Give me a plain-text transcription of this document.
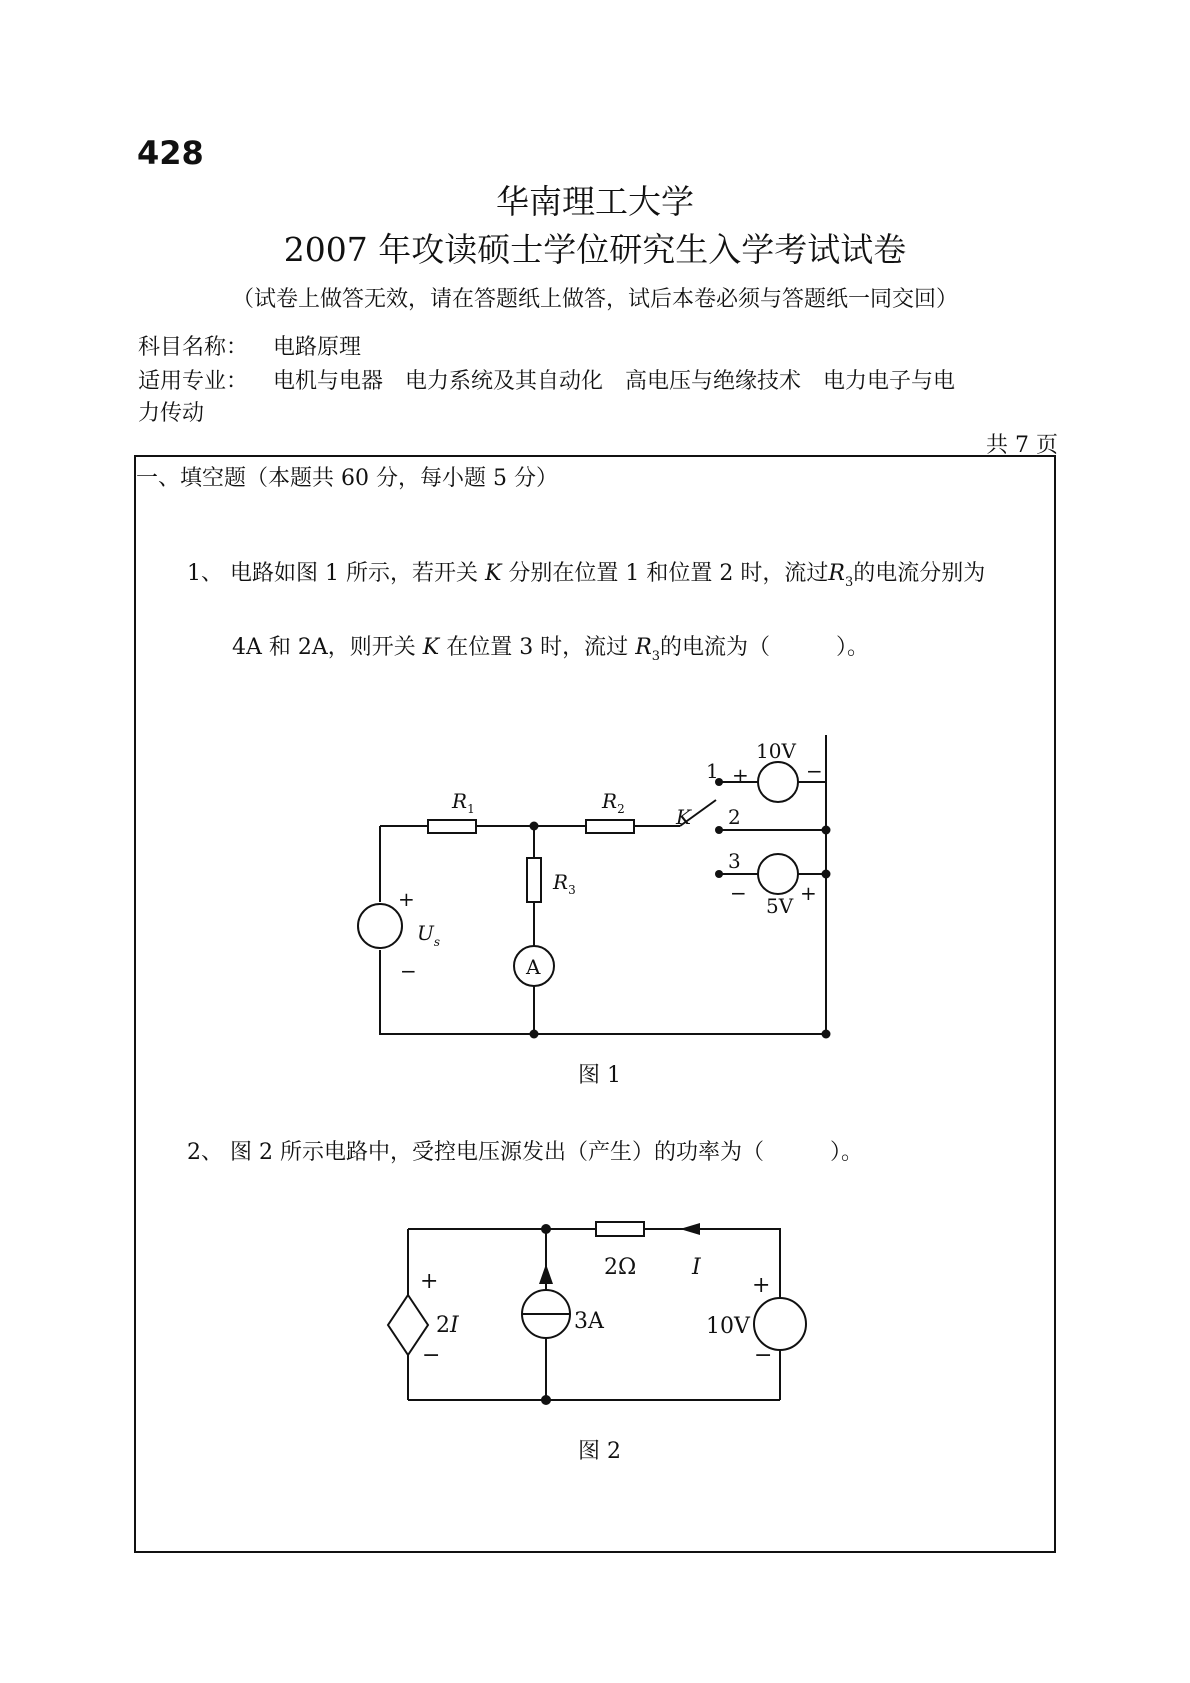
428
华南理工大学
2007 年攻读硕士学位研究生入学考试试卷
（试卷上做答无效，请在答题纸上做答，试后本卷必须与答题纸一同交回）
科目名称： 电路原理
适用专业： 电机与电器　电力系统及其自动化　高电压与绝缘技术　电力电子与电
力传动
共 7 页
一、填空题（本题共 60 分，每小题 5 分）
1、 电路如图 1 所示，若开关 K 分别在位置 1 和位置 2 时，流过$R_3$的电流分别为
4A 和 2A，则开关 K 在位置 3 时，流过 $R_3$的电流为（　　　）。
$R_1$	$R_2$
$R_3$
$U_s$
+
−	A
K
1
2
3
10V
+	−
5V
−	+
图 1
2、 图 2 所示电路中，受控电压源发出（产生）的功率为（　　　）。
+
−
2I	3A
2Ω	I
10V
+
−
图 2
